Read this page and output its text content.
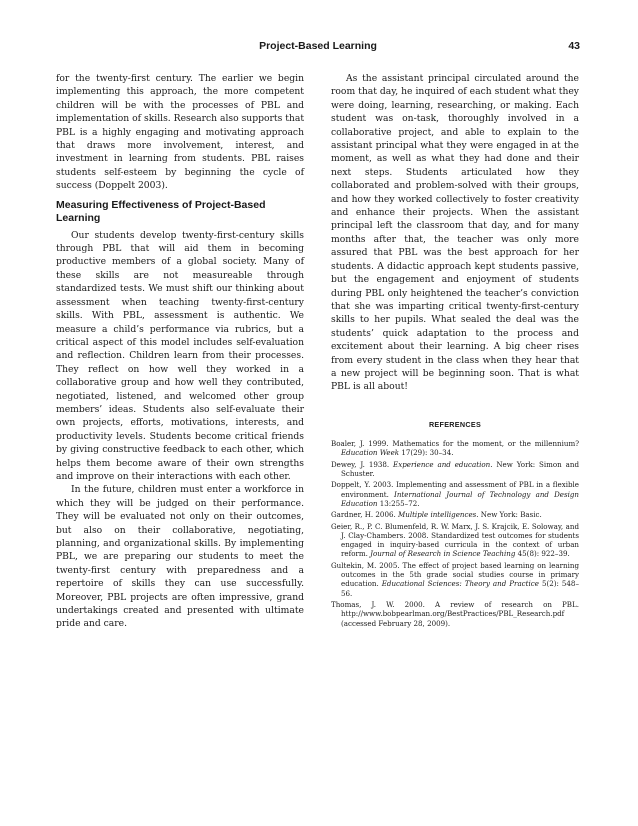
Project-Based Learning	43

for the twenty-first century. The earlier we begin implementing this approach, the more competent children will be with the processes of PBL and implementation of skills. Research also supports that PBL is a highly engaging and motivating approach that draws more involvement, interest, and investment in learning from students. PBL raises students self-esteem by beginning the cycle of success (Doppelt 2003).

Measuring Effectiveness of Project-Based Learning

Our students develop twenty-first-century skills through PBL that will aid them in becoming productive members of a global society. Many of these skills are not measureable through standardized tests. We must shift our thinking about assessment when teaching twenty-first-century skills. With PBL, assessment is authentic. We measure a child’s performance via rubrics, but a critical aspect of this model includes self-evaluation and reflection. Children learn from their processes. They reflect on how well they worked in a collaborative group and how well they contributed, negotiated, listened, and welcomed other group members’ ideas. Students also self-evaluate their own projects, efforts, motivations, interests, and productivity levels. Students become critical friends by giving constructive feedback to each other, which helps them become aware of their own strengths and improve on their interactions with each other.

In the future, children must enter a workforce in which they will be judged on their performance. They will be evaluated not only on their outcomes, but also on their collaborative, negotiating, planning, and organizational skills. By implementing PBL, we are preparing our students to meet the twenty-first century with preparedness and a repertoire of skills they can use successfully. Moreover, PBL projects are often impressive, grand undertakings created and presented with ultimate pride and care.

As the assistant principal circulated around the room that day, he inquired of each student what they were doing, learning, researching, or making. Each student was on-task, thoroughly involved in a collaborative project, and able to explain to the assistant principal what they were engaged in at the moment, as well as what they had done and their next steps. Students articulated how they collaborated and problem-solved with their groups, and how they worked collectively to foster creativity and enhance their projects. When the assistant principal left the classroom that day, and for many months after that, the teacher was only more assured that PBL was the best approach for her students. A didactic approach kept students passive, but the engagement and enjoyment of students during PBL only heightened the teacher’s conviction that she was imparting critical twenty-first-century skills to her pupils. What sealed the deal was the students’ quick adaptation to the process and excitement about their learning. A big cheer rises from every student in the class when they hear that a new project will be beginning soon. That is what PBL is all about!

REFERENCES
Boaler, J. 1999. Mathematics for the moment, or the millennium? Education Week 17(29): 30–34.
Dewey, J. 1938. Experience and education. New York: Simon and Schuster.
Doppelt, Y. 2003. Implementing and assessment of PBL in a flexible environment. International Journal of Technology and Design Education 13:255–72.
Gardner, H. 2006. Multiple intelligences. New York: Basic.
Geier, R., P. C. Blumenfeld, R. W. Marx, J. S. Krajcik, E. Soloway, and J. Clay-Chambers. 2008. Standardized test outcomes for students engaged in inquiry-based curricula in the context of urban reform. Journal of Research in Science Teaching 45(8): 922–39.
Gultekin, M. 2005. The effect of project based learning on learning outcomes in the 5th grade social studies course in primary education. Educational Sciences: Theory and Practice 5(2): 548–56.
Thomas, J. W. 2000. A review of research on PBL. http://www.bobpearlman.org/BestPractices/PBL_Research.pdf (accessed February 28, 2009).
